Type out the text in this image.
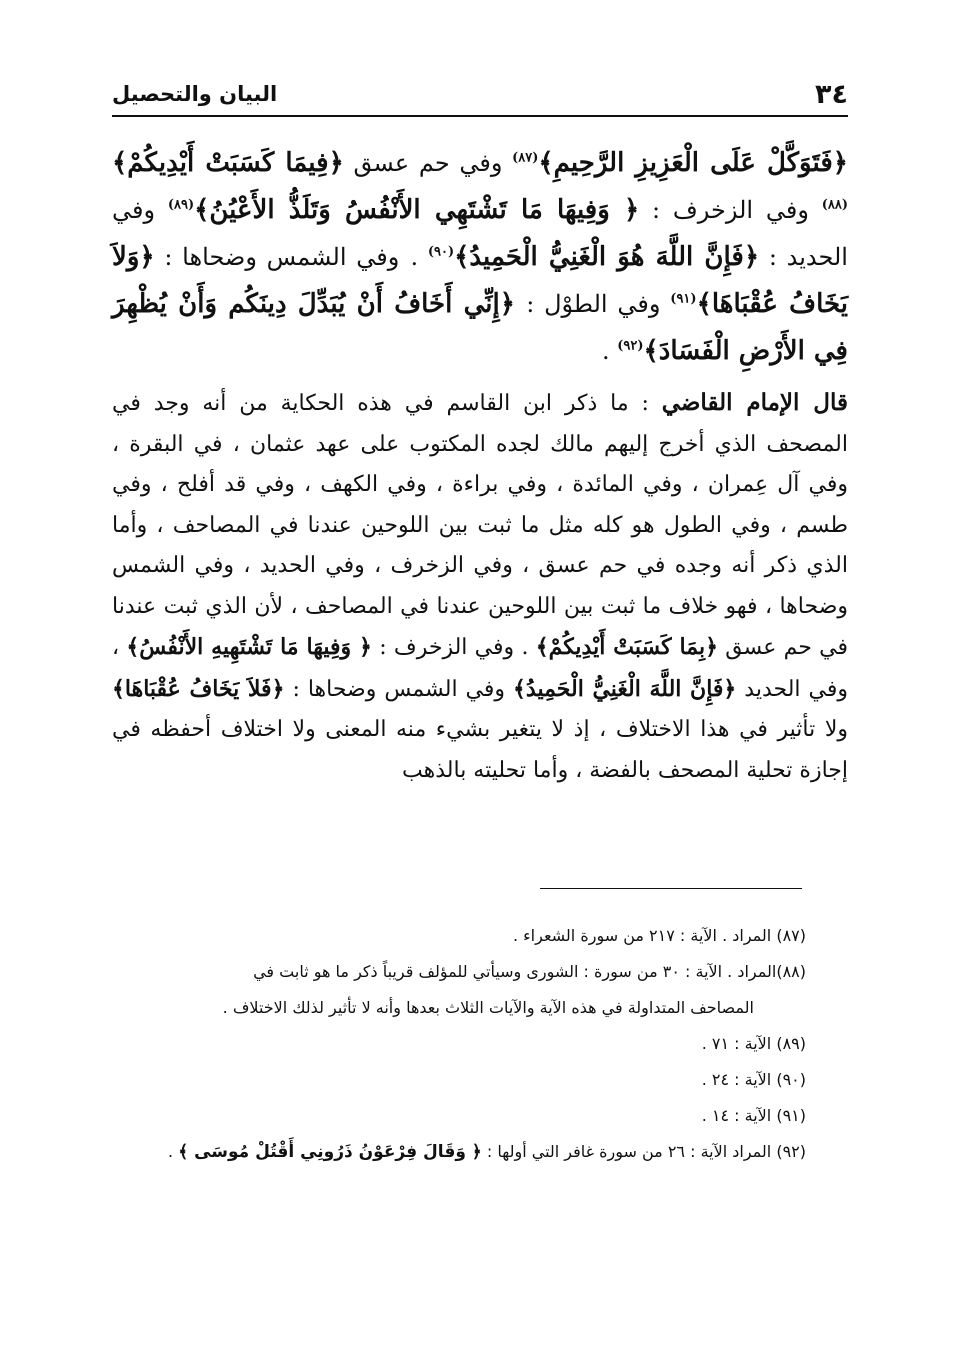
٣٤
البيان والتحصيل

﴿فَتَوَكَّلْ عَلَى الْعَزِيزِ الرَّحِيمِ﴾$^{(٨٧)}$ وفي حم عسق ﴿فِيمَا كَسَبَتْ أَيْدِيكُمْ﴾$^{(٨٨)}$ وفي الزخرف : ﴿ وَفِيهَا مَا تَشْتَهِي الأَنْفُسُ وَتَلَذُّ الأَعْيُنُ﴾$^{(٨٩)}$ وفي الحديد : ﴿فَإِنَّ اللَّهَ هُوَ الْغَنِيُّ الْحَمِيدُ﴾$^{(٩٠)}$ . وفي الشمس وضحاها : ﴿وَلاَ يَخَافُ عُقْبَاهَا﴾$^{(٩١)}$ وفي الطوْل : ﴿إِنِّي أَخَافُ أَنْ يُبَدِّلَ دِينَكُم وَأَنْ يُظْهِرَ فِي الأَرْضِ الْفَسَادَ﴾$^{(٩٢)}$ .

قال الإمام القاضي : ما ذكر ابن القاسم في هذه الحكاية من أنه وجد في المصحف الذي أخرج إليهم مالك لجده المكتوب على عهد عثمان ، في البقرة ، وفي آل عِمران ، وفي المائدة ، وفي براءة ، وفي الكهف ، وفي قد أفلح ، وفي طسم ، وفي الطول هو كله مثل ما ثبت بين اللوحين عندنا في المصاحف ، وأما الذي ذكر أنه وجده في حم عسق ، وفي الزخرف ، وفي الحديد ، وفي الشمس وضحاها ، فهو خلاف ما ثبت بين اللوحين عندنا في المصاحف ، لأن الذي ثبت عندنا في حم عسق ﴿بِمَا كَسَبَتْ أَيْدِيكُمْ﴾ . وفي الزخرف : ﴿ وَفِيهَا مَا تَشْتَهِيهِ الأَنْفُسُ﴾ ، وفي الحديد ﴿فَإِنَّ اللَّهَ الْغَنِيُّ الْحَمِيدُ﴾ وفي الشمس وضحاها : ﴿فَلاَ يَخَافُ عُقْبَاهَا﴾ ولا تأثير في هذا الاختلاف ، إذ لا يتغير بشيء منه المعنى ولا اختلاف أحفظه في إجازة تحلية المصحف بالفضة ، وأما تحليته بالذهب

(٨٧) المراد . الآية : ٢١٧ من سورة الشعراء .

(٨٨)المراد . الآية : ٣٠ من سورة : الشورى وسيأتي للمؤلف قريباً ذكر ما هو ثابت في
المصاحف المتداولة في هذه الآية والآيات الثلاث بعدها وأنه لا تأثير لذلك الاختلاف .

(٨٩) الآية : ٧١ .

(٩٠) الآية : ٢٤ .

(٩١) الآية : ١٤ .

(٩٢) المراد الآية : ٢٦ من سورة غافر التي أولها : ﴿ وَقَالَ فِرْعَوْنُ ذَرُونِي أَقْتُلْ مُوسَى ﴾ .
